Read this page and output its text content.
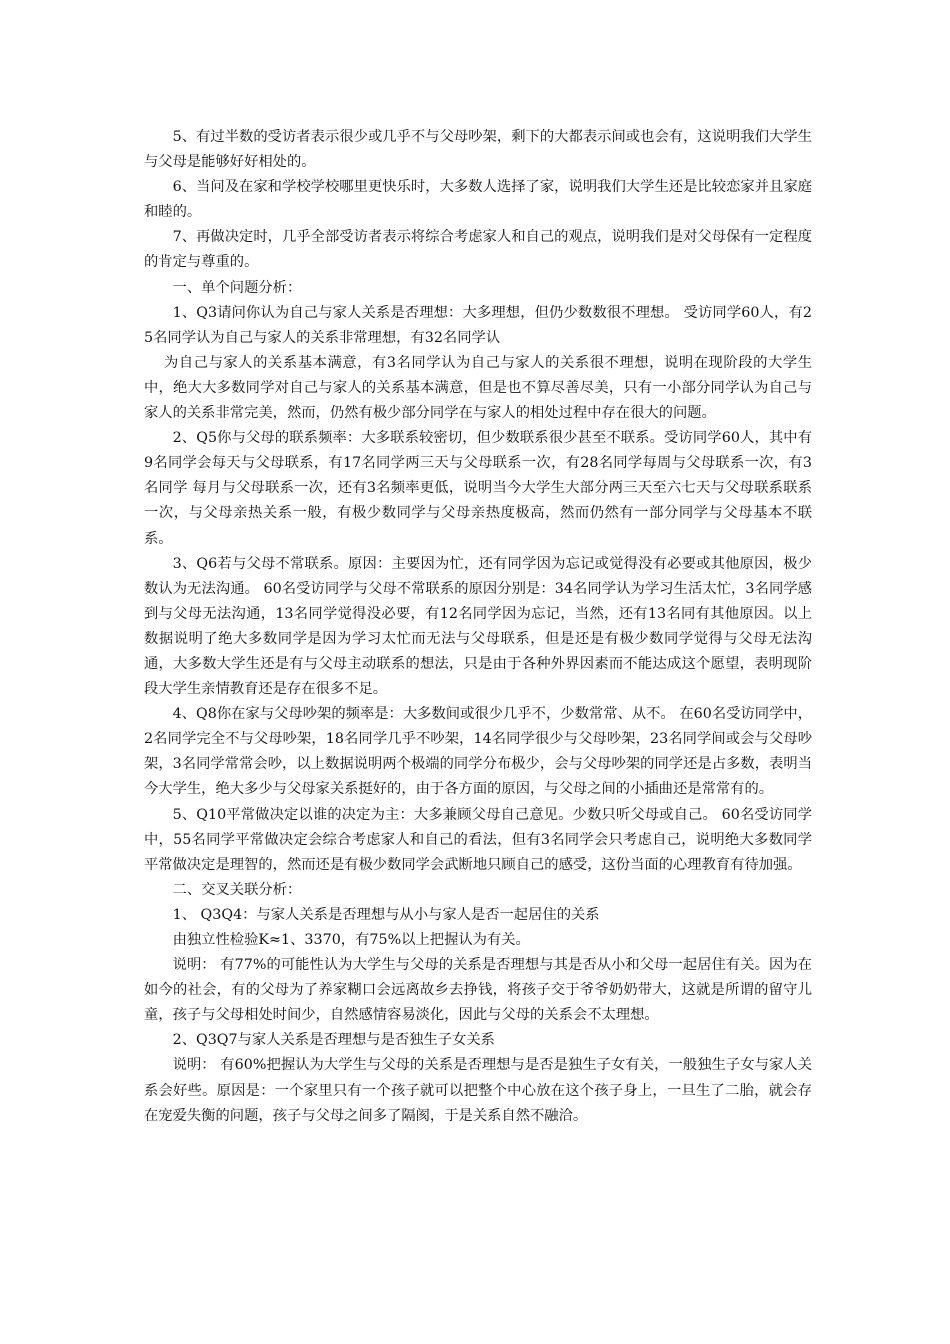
5、有过半数的受访者表示很少或几乎不与父母吵架，剩下的大都表示间或也会有，这说明我们大学生与父母是能够好好相处的。

6、当问及在家和学校学校哪里更快乐时，大多数人选择了家，说明我们大学生还是比较恋家并且家庭和睦的。

7、再做决定时，几乎全部受访者表示将综合考虑家人和自己的观点，说明我们是对父母保有一定程度的肯定与尊重的。

一、单个问题分析：

1、Q3请问你认为自己与家人关系是否理想：大多理想，但仍少数数很不理想。 受访同学60人，有25名同学认为自己与家人的关系非常理想，有32名同学认

为自己与家人的关系基本满意，有3名同学认为自己与家人的关系很不理想，说明在现阶段的大学生中，绝大大多数同学对自己与家人的关系基本满意，但是也不算尽善尽美，只有一小部分同学认为自己与家人的关系非常完美，然而，仍然有极少部分同学在与家人的相处过程中存在很大的问题。

2、Q5你与父母的联系频率：大多联系较密切，但少数联系很少甚至不联系。受访同学60人，其中有9名同学会每天与父母联系，有17名同学两三天与父母联系一次，有28名同学每周与父母联系一次，有3名同学 每月与父母联系一次，还有3名频率更低，说明当今大学生大部分两三天至六七天与父母联系联系一次，与父母亲热关系一般，有极少数同学与父母亲热度极高，然而仍然有一部分同学与父母基本不联系。

3、Q6若与父母不常联系。原因：主要因为忙，还有同学因为忘记或觉得没有必要或其他原因，极少数认为无法沟通。 60名受访同学与父母不常联系的原因分别是：34名同学认为学习生活太忙，3名同学感到与父母无法沟通，13名同学觉得没必要，有12名同学因为忘记，当然，还有13名同有其他原因。以上数据说明了绝大多数同学是因为学习太忙而无法与父母联系，但是还是有极少数同学觉得与父母无法沟通，大多数大学生还是有与父母主动联系的想法，只是由于各种外界因素而不能达成这个愿望，表明现阶段大学生亲情教育还是存在很多不足。

4、Q8你在家与父母吵架的频率是：大多数间或很少几乎不，少数常常、从不。 在60名受访同学中，2名同学完全不与父母吵架，18名同学几乎不吵架，14名同学很少与父母吵架，23名同学间或会与父母吵架，3名同学常常会吵，以上数据说明两个极端的同学分布极少，会与父母吵架的同学还是占多数，表明当今大学生，绝大多少与父母家关系挺好的，由于各方面的原因，与父母之间的小插曲还是常常有的。

5、Q10平常做决定以谁的决定为主：大多兼顾父母自己意见。少数只听父母或自己。 60名受访同学中，55名同学平常做决定会综合考虑家人和自己的看法，但有3名同学会只考虑自己，说明绝大多数同学平常做决定是理智的，然而还是有极少数同学会武断地只顾自己的感受，这份当面的心理教育有待加强。

二、交叉关联分析：

1、 Q3Q4：与家人关系是否理想与从小与家人是否一起居住的关系

由独立性检验K≈1、3370，有75%以上把握认为有关。

说明： 有77%的可能性认为大学生与父母的关系是否理想与其是否从小和父母一起居住有关。因为在如今的社会，有的父母为了养家糊口会远离故乡去挣钱，将孩子交于爷爷奶奶带大，这就是所谓的留守儿童，孩子与父母相处时间少，自然感情容易淡化，因此与父母的关系会不太理想。

2、Q3Q7与家人关系是否理想与是否独生子女关系

说明： 有60%把握认为大学生与父母的关系是否理想与是否是独生子女有关，一般独生子女与家人关系会好些。原因是：一个家里只有一个孩子就可以把整个中心放在这个孩子身上，一旦生了二胎，就会存在宠爱失衡的问题，孩子与父母之间多了隔阂，于是关系自然不融洽。
